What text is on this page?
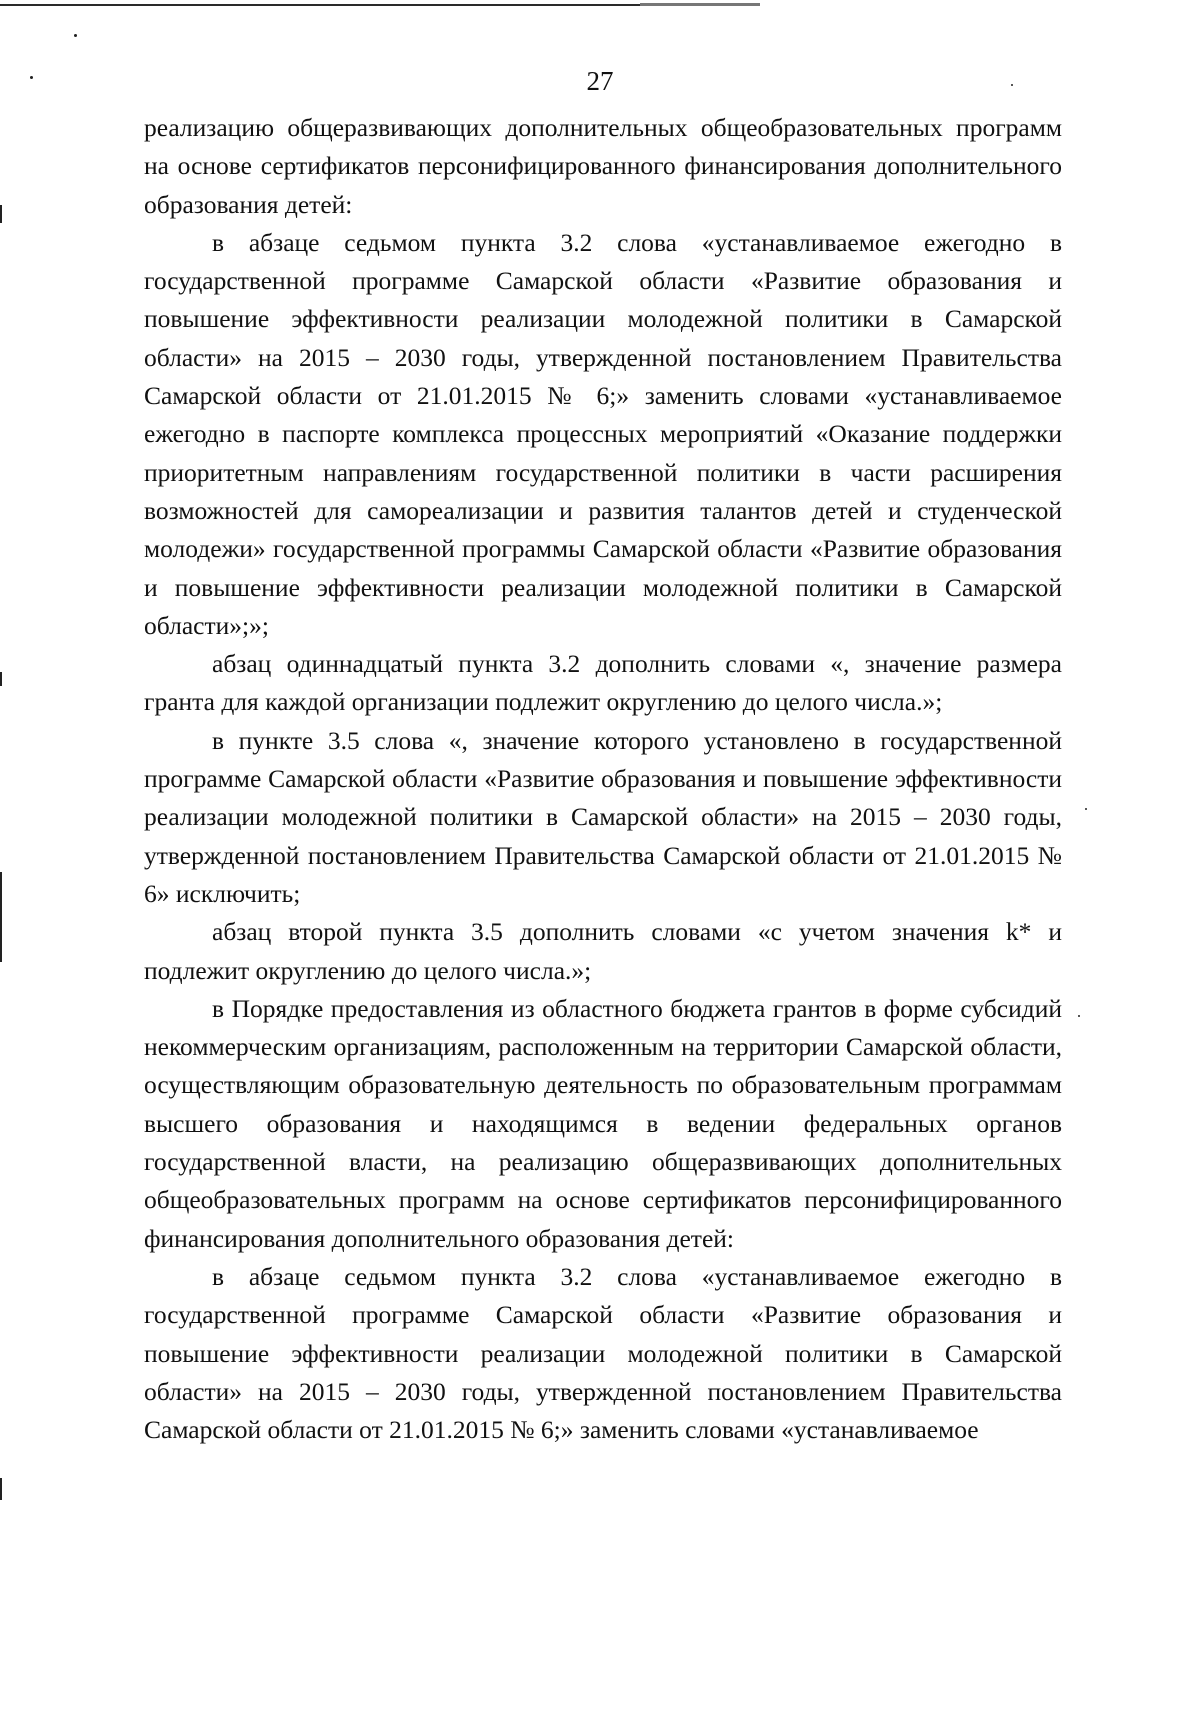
27

реализацию общеразвивающих дополнительных общеобразовательных программ на основе сертификатов персонифицированного финансирования дополнительного образования детей:

в абзаце седьмом пункта 3.2 слова «устанавливаемое ежегодно в государственной программе Самарской области «Развитие образования и повышение эффективности реализации молодежной политики в Самарской области» на 2015 – 2030 годы, утвержденной постановлением Правительства Самарской области от 21.01.2015 № 6;» заменить словами «устанавливаемое ежегодно в паспорте комплекса процессных мероприятий «Оказание поддержки приоритетным направлениям государственной политики в части расширения возможностей для самореализации и развития талантов детей и студенческой молодежи» государственной программы Самарской области «Развитие образования и повышение эффективности реализации молодежной политики в Самарской области»;»;

абзац одиннадцатый пункта 3.2 дополнить словами «, значение размера гранта для каждой организации подлежит округлению до целого числа.»;

в пункте 3.5 слова «, значение которого установлено в государственной программе Самарской области «Развитие образования и повышение эффективности реализации молодежной политики в Самарской области» на 2015 – 2030 годы, утвержденной постановлением Правительства Самарской области от 21.01.2015 № 6» исключить;

абзац второй пункта 3.5 дополнить словами «с учетом значения k* и подлежит округлению до целого числа.»;

в Порядке предоставления из областного бюджета грантов в форме субсидий некоммерческим организациям, расположенным на территории Самарской области, осуществляющим образовательную деятельность по образовательным программам высшего образования и находящимся в ведении федеральных органов государственной власти, на реализацию общеразвивающих дополнительных общеобразовательных программ на основе сертификатов персонифицированного финансирования дополнительного образования детей:

в абзаце седьмом пункта 3.2 слова «устанавливаемое ежегодно в государственной программе Самарской области «Развитие образования и повышение эффективности реализации молодежной политики в Самарской области» на 2015 – 2030 годы, утвержденной постановлением Правительства Самарской области от 21.01.2015 № 6;» заменить словами «устанавливаемое
